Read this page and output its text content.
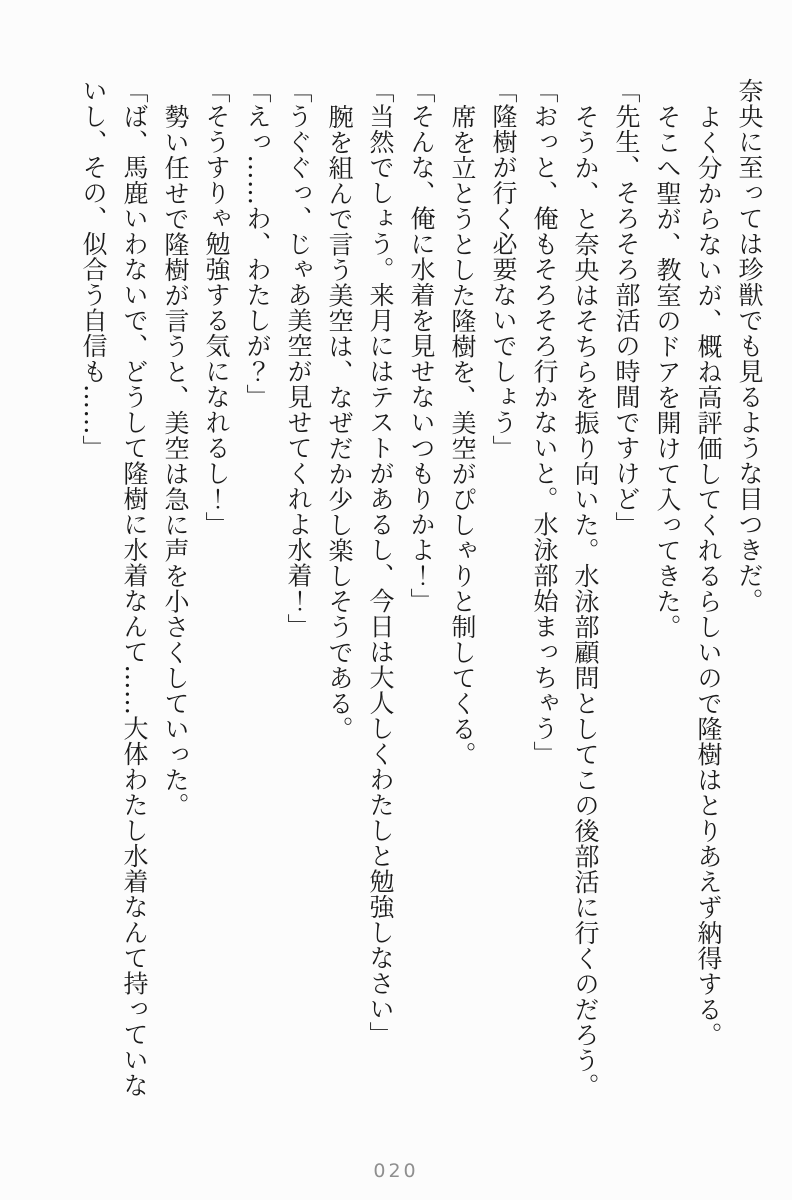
奈央に至っては珍獣でも見るような目つきだ。
よく分からないが、概ね高評価してくれるらしいので隆樹はとりあえず納得する。
そこへ聖が、教室のドアを開けて入ってきた。
「先生、そろそろ部活の時間ですけど」
そうか、と奈央はそちらを振り向いた。水泳部顧問としてこの後部活に行くのだろう。
「おっと、俺もそろそろ行かないと。水泳部始まっちゃう」
「隆樹が行く必要ないでしょう」
席を立とうとした隆樹を、美空がぴしゃりと制してくる。
「そんな、俺に水着を見せないつもりかよ！」
「当然でしょう。来月にはテストがあるし、今日は大人しくわたしと勉強しなさい」
腕を組んで言う美空は、なぜだか少し楽しそうである。
「うぐぐっ、じゃあ美空が見せてくれよ水着！」
「えっ……わ、わたしが？」
「そうすりゃ勉強する気になれるし！」
勢い任せで隆樹が言うと、美空は急に声を小さくしていった。
「ば、馬鹿いわないで、どうして隆樹に水着なんて……大体わたし水着なんて持っていな
いし、その、似合う自信も……」
020
